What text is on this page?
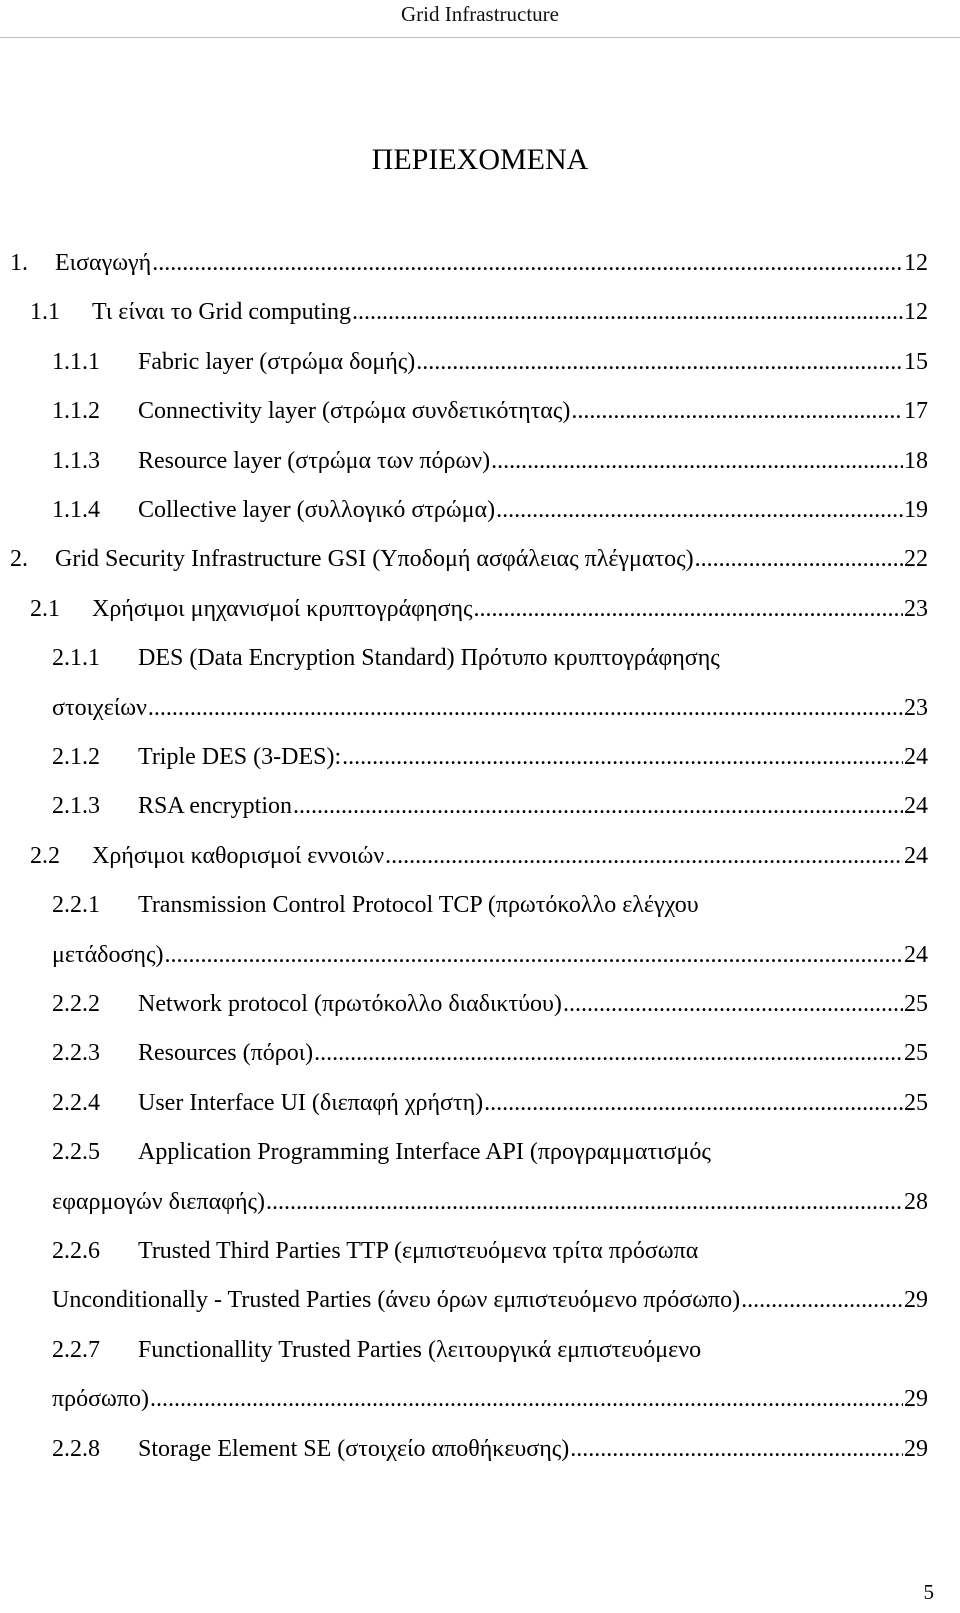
Grid Infrastructure
ΠΕΡΙΕΧΟΜΕΝΑ
1.	Εισαγωγή .....	12
1.1	Τι είναι το Grid computing .....	12
1.1.1	Fabric layer (στρώμα δομής) .....	15
1.1.2	Connectivity layer (στρώμα συνδετικότητας) .....	17
1.1.3	Resource layer (στρώμα των πόρων) .....	18
1.1.4	Collective layer (συλλογικό στρώμα) .....	19
2.	Grid Security Infrastructure GSI (Υποδομή ασφάλειας πλέγματος) .....	22
2.1	Χρήσιμοι μηχανισμοί κρυπτογράφησης .....	23
2.1.1	DES (Data Encryption Standard) Πρότυπο κρυπτογράφησης
στοιχείων .....	23
2.1.2	Triple DES (3-DES): .....	24
2.1.3	RSA encryption .....	24
2.2	Χρήσιμοι καθορισμοί εννοιών .....	24
2.2.1	Transmission Control Protocol TCP (πρωτόκολλο ελέγχου
μετάδοσης) .....	24
2.2.2	Network protocol (πρωτόκολλο διαδικτύου) .....	25
2.2.3	Resources (πόροι) .....	25
2.2.4	User Interface UI (διεπαφή χρήστη) .....	25
2.2.5	Application Programming Interface API (προγραμματισμός
εφαρμογών διεπαφής) .....	28
2.2.6	Trusted Third Parties TTP (εμπιστευόμενα τρίτα πρόσωπα
Unconditionally - Trusted Parties (άνευ όρων εμπιστευόμενο πρόσωπο) .....	29
2.2.7	Functionallity Trusted Parties (λειτουργικά εμπιστευόμενο
πρόσωπο) .....	29
2.2.8	Storage Element SE (στοιχείο αποθήκευσης) .....	29
5
